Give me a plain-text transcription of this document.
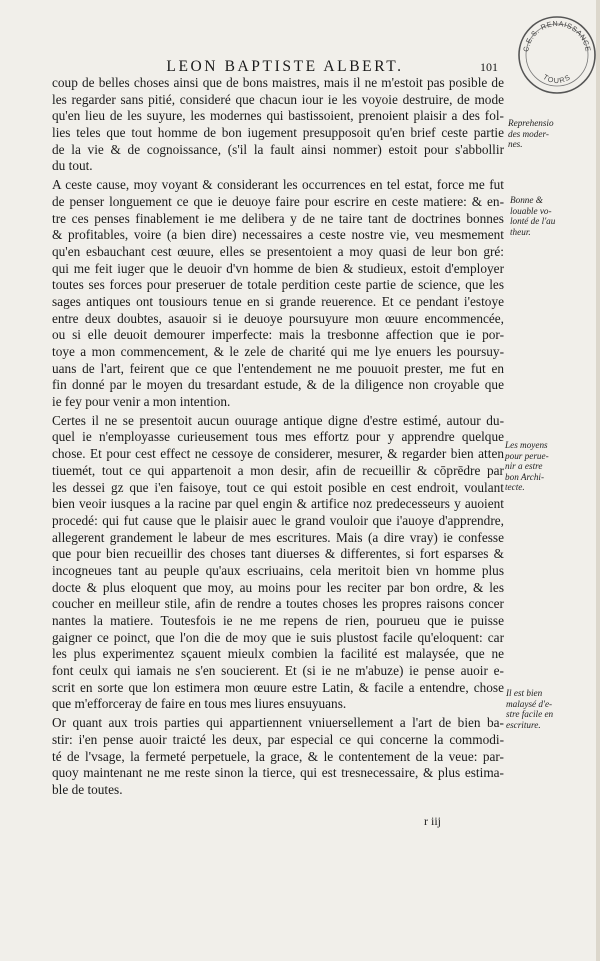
LEON BAPTISTE ALBERT.	101
C.E.S. RENAISSANCE
TOURS
coup de belles choses ainsi que de bons maistres, mais il ne m'estoit pas posible de
les regarder sans pitié, consideré que chacun iour ie les voyoie destruire, de mode
qu'en lieu de les suyure, les modernes qui bastissoient, prenoient plaisir a des fol-
lies teles que tout homme de bon iugement presupposoit qu'en brief ceste partie
de la vie & de cognoissance, (s'il la fault ainsi nommer) estoit pour s'abbollir
du tout.
A ceste cause, moy voyant & considerant les occurrences en tel estat, force me fut
de penser longuement ce que ie deuoye faire pour escrire en ceste matiere: & en-
tre ces penses finablement ie me delibera y de ne taire tant de doctrines bonnes
& profitables, voire (a bien dire) necessaires a ceste nostre vie, veu mesmement
qu'en esbauchant cest œuure, elles se presentoient a moy quasi de leur bon gré:
qui me feit iuger que le deuoir d'vn homme de bien & studieux, estoit d'employer
toutes ses forces pour preseruer de totale perdition ceste partie de science, que les
sages antiques ont tousiours tenue en si grande reuerence. Et ce pendant i'estoye
entre deux doubtes, asauoir si ie deuoye poursuyure mon œuure encommencée,
ou si elle deuoit demourer imperfecte: mais la tresbonne affection que ie por-
toye a mon commencement, & le zele de charité qui me lye enuers les poursuy-
uans de l'art, feirent que ce que l'entendement ne me pouuoit prester, me fut en
fin donné par le moyen du tresardant estude, & de la diligence non croyable que
ie fey pour venir a mon intention.
Certes il ne se presentoit aucun ouurage antique digne d'estre estimé, autour du-
quel ie n'employasse curieusement tous mes effortz pour y apprendre quelque
chose. Et pour cest effect ne cessoye de considerer, mesurer, & regarder bien atten
tiuemét, tout ce qui appartenoit a mon desir, afin de recueillir & cōprēdre par
les dessei gz que i'en faisoye, tout ce qui estoit posible en cest endroit, voulant
bien veoir iusques a la racine par quel engin & artifice noz predecesseurs y auoient
procedé: qui fut cause que le plaisir auec le grand vouloir que i'auoye d'apprendre,
allegerent grandement le labeur de mes escritures. Mais (a dire vray) ie confesse
que pour bien recueillir des choses tant diuerses & differentes, si fort esparses &
incogneues tant au peuple qu'aux escriuains, cela meritoit bien vn homme plus
docte & plus eloquent que moy, au moins pour les reciter par bon ordre, & les
coucher en meilleur stile, afin de rendre a toutes choses les propres raisons concer
nantes la matiere. Toutesfois ie ne me repens de rien, pourueu que ie puisse
gaigner ce poinct, que l'on die de moy que ie suis plustost facile qu'eloquent: car
les plus experimentez sçauent mieulx combien la facilité est malaysée, que ne
font ceulx qui iamais ne s'en soucierent. Et (si ie ne m'abuze) ie pense auoir e-
scrit en sorte que lon estimera mon œuure estre Latin, & facile a entendre, chose
que m'efforceray de faire en tous mes liures ensuyuans.
Or quant aux trois parties qui appartiennent vniuersellement a l'art de bien ba-
stir: i'en pense auoir traicté les deux, par especial ce qui concerne la commodi-
té de l'vsage, la fermeté perpetuele, la grace, & le contentement de la veue: par-
quoy maintenant ne me reste sinon la tierce, qui est tresnecessaire, & plus estima-
ble de toutes.
Reprehensio
des moder-
nes.
Bonne &
louable vo-
lonté de l'au
theur.
Les moyens
pour perue-
nir a estre
bon Archi-
tecte.
Il est bien
malaysé d'e-
stre facile en
escriture.
r iij
